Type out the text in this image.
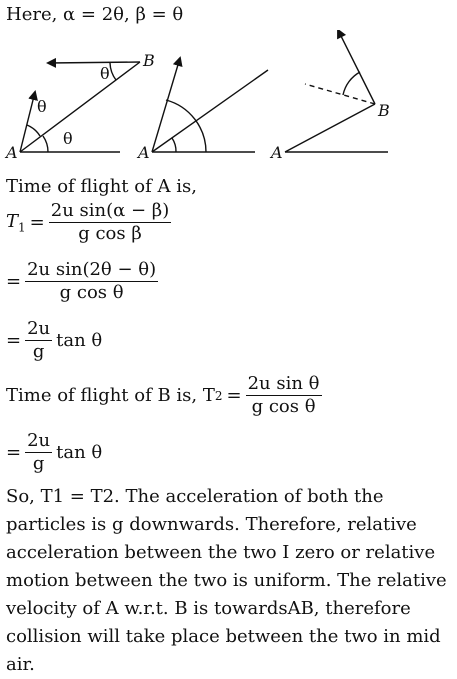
Here, α = 2θ, β = θ
A
B
A	A
B
θ
θ
θ
Time of flight of A is,
$T_1 = \frac{\text{2u sin(α − β)}}{\text{g cos β}}$
= $\frac{\text{2u sin(2θ − θ)}}{\text{g cos θ}}$
= $\frac{2u}{g}$ tan θ
Time of flight of B is, T $2 = \frac{\text{2u sin θ}}{\text{g cos θ}}$
= $\frac{2u}{g}$ tan θ
So, T1 = T2. The acceleration of both the particles is g downwards. Therefore, relative acceleration between the two I zero or relative motion between the two is uniform. The relative velocity of A w.r.t. B is towardsAB, therefore collision will take place between the two in mid air.
